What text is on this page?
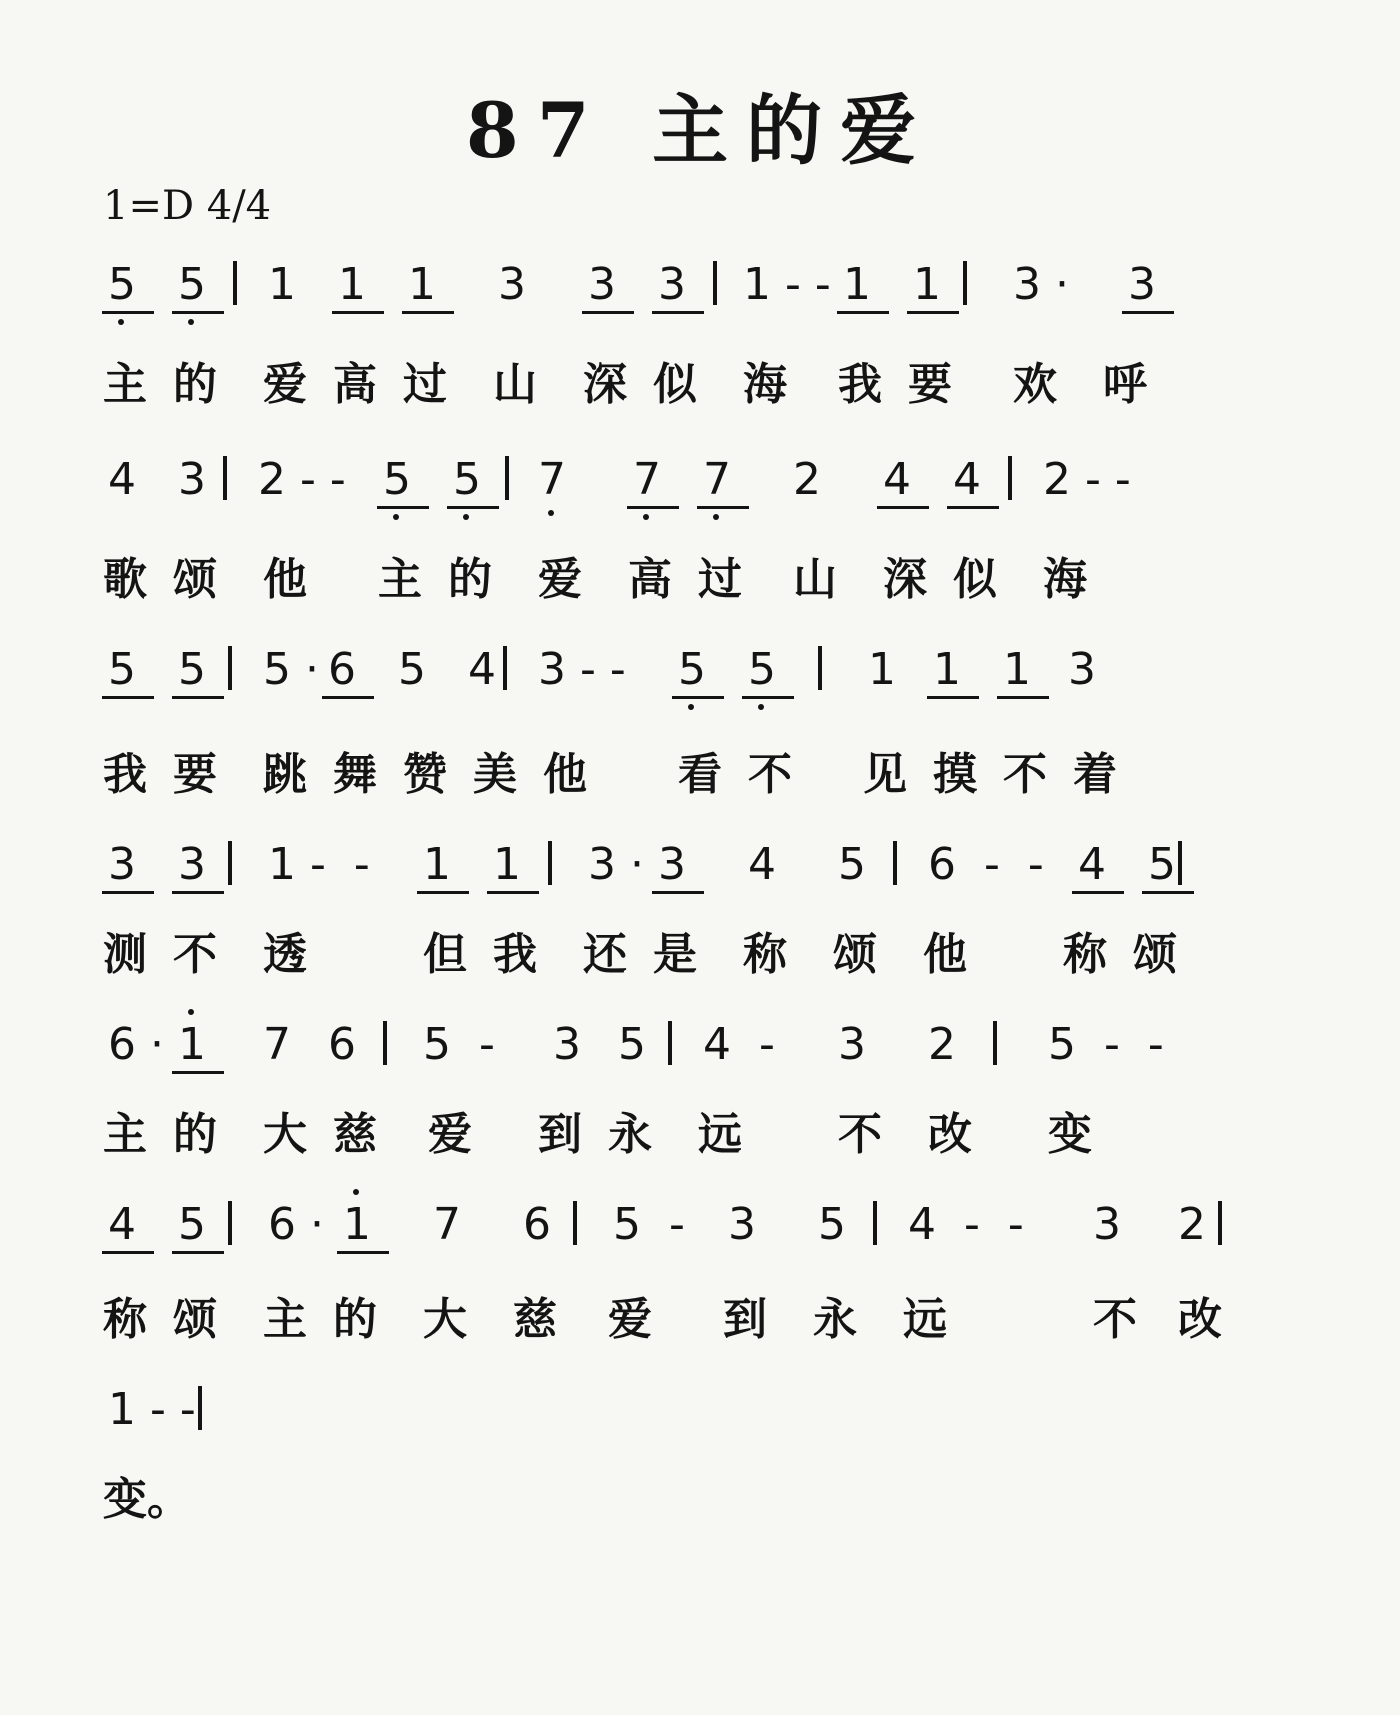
87 主的爱
1=D 4/4
5 5 1 1 1 3 3 3 1 - - 1 1 3 · 3
主 的 爱 高 过 山 深 似 海 我 要 欢 呼
4 3 2 - - 5 5 7 7 7 2 4 4 2 - -
歌 颂 他 主 的 爱 高 过 山 深 似 海
5 5 5 · 6 5 4 3 - - 5 5 1 1 1 3
我 要 跳 舞 赞 美 他 看 不 见 摸 不 着
3 3 1 -  - 1 1 3 · 3 4 5 6  -  - 4 5
测 不 透	但 我 还 是 称 颂 他 称 颂
6 · 1 7 6 5  - 3 5 4  - 3 2 5  -  -
主 的 大 慈 爱 到 永 远 不 改 变
4 5 6 · 1 7 6 5  - 3 5 4  -  - 3 2
称 颂 主 的 大 慈 爱 到 永 远	不 改
1 - -
变。
